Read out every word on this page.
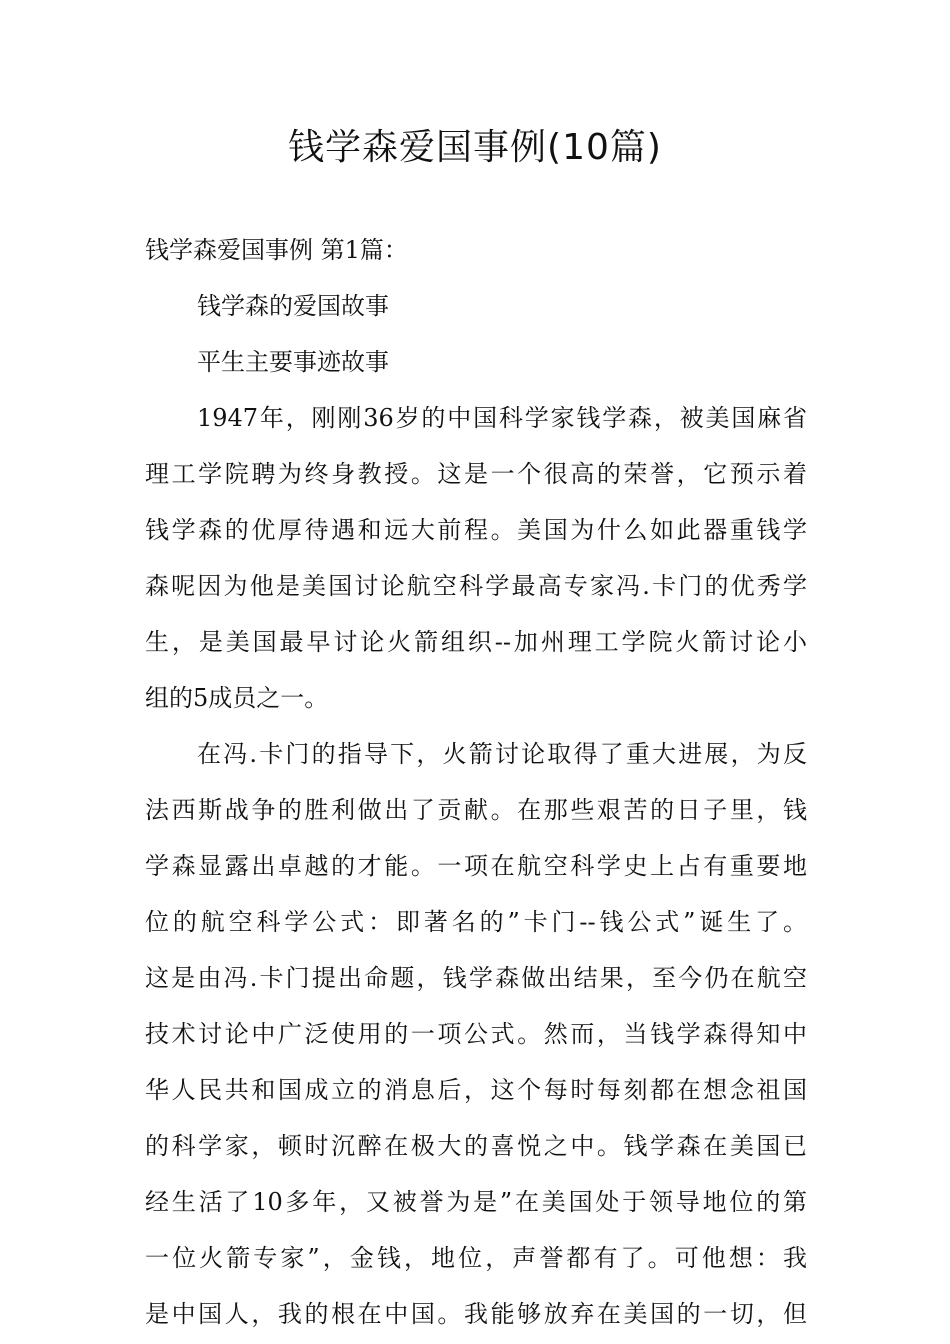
钱学森爱国事例(10篇)

钱学森爱国事例 第1篇：

钱学森的爱国故事

平生主要事迹故事

1947年，刚刚36岁的中国科学家钱学森，被美国麻省
理工学院聘为终身教授。这是一个很高的荣誉，它预示着
钱学森的优厚待遇和远大前程。美国为什么如此器重钱学
森呢因为他是美国讨论航空科学最高专家冯.卡门的优秀学
生，是美国最早讨论火箭组织--加州理工学院火箭讨论小
组的5成员之一。
在冯.卡门的指导下，火箭讨论取得了重大进展，为反
法西斯战争的胜利做出了贡献。在那些艰苦的日子里，钱
学森显露出卓越的才能。一项在航空科学史上占有重要地
位的航空科学公式：即著名的”卡门--钱公式”诞生了。
这是由冯.卡门提出命题，钱学森做出结果，至今仍在航空
技术讨论中广泛使用的一项公式。然而，当钱学森得知中
华人民共和国成立的消息后，这个每时每刻都在想念祖国
的科学家，顿时沉醉在极大的喜悦之中。钱学森在美国已
经生活了10多年，又被誉为是”在美国处于领导地位的第
一位火箭专家”，金钱，地位，声誉都有了。可他想：我
是中国人，我的根在中国。我能够放弃在美国的一切，但
